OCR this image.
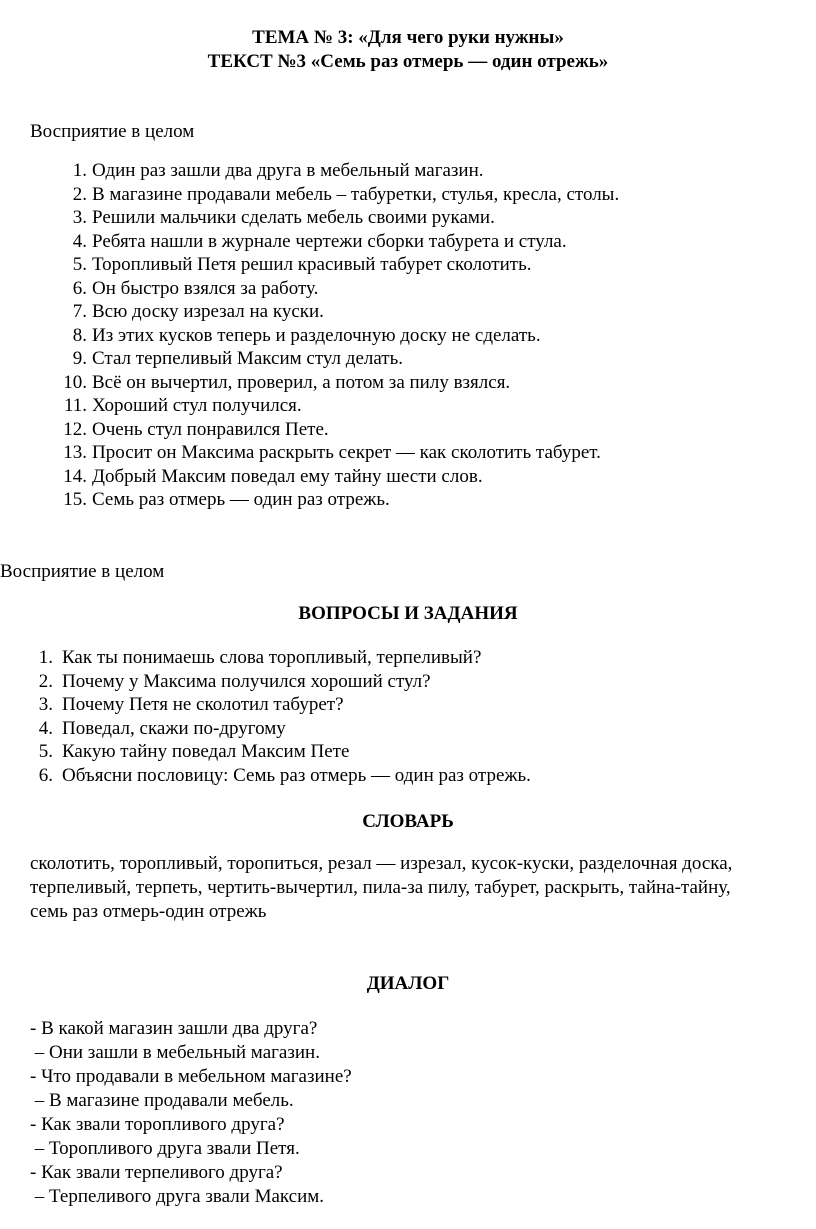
ТЕМА № 3: «Для чего руки нужны»
ТЕКСТ №3 «Семь раз отмерь — один отрежь»
Восприятие в целом
1. Один раз зашли два друга в мебельный магазин.
2. В магазине продавали мебель – табуретки, стулья, кресла, столы.
3. Решили мальчики сделать мебель своими руками.
4. Ребята нашли в журнале чертежи сборки табурета и стула.
5. Торопливый Петя решил красивый табурет сколотить.
6. Он быстро взялся за работу.
7. Всю доску изрезал на куски.
8. Из этих кусков теперь и разделочную доску не сделать.
9. Стал терпеливый Максим стул делать.
10. Всё он вычертил, проверил, а потом за пилу взялся.
11. Хороший стул получился.
12. Очень стул понравился Пете.
13. Просит он Максима раскрыть секрет — как сколотить табурет.
14. Добрый Максим поведал ему тайну шести слов.
15. Семь раз отмерь — один раз отрежь.
Восприятие в целом
ВОПРОСЫ И ЗАДАНИЯ
1. Как ты понимаешь слова торопливый, терпеливый?
2. Почему у Максима получился хороший стул?
3. Почему Петя не сколотил табурет?
4. Поведал, скажи по-другому
5. Какую тайну поведал Максим Пете
6. Объясни пословицу: Семь раз отмерь — один раз отрежь.
СЛОВАРЬ
сколотить, торопливый, торопиться, резал — изрезал, кусок-куски, разделочная доска,
терпеливый, терпеть, чертить-вычертил, пила-за пилу, табурет, раскрыть, тайна-тайну,
семь раз отмерь-один отрежь
ДИАЛОГ
- В какой магазин зашли два друга?
– Они зашли в мебельный магазин.
- Что продавали в мебельном магазине?
– В магазине продавали мебель.
- Как звали торопливого друга?
– Торопливого друга звали Петя.
- Как звали терпеливого друга?
– Терпеливого друга звали Максим.
